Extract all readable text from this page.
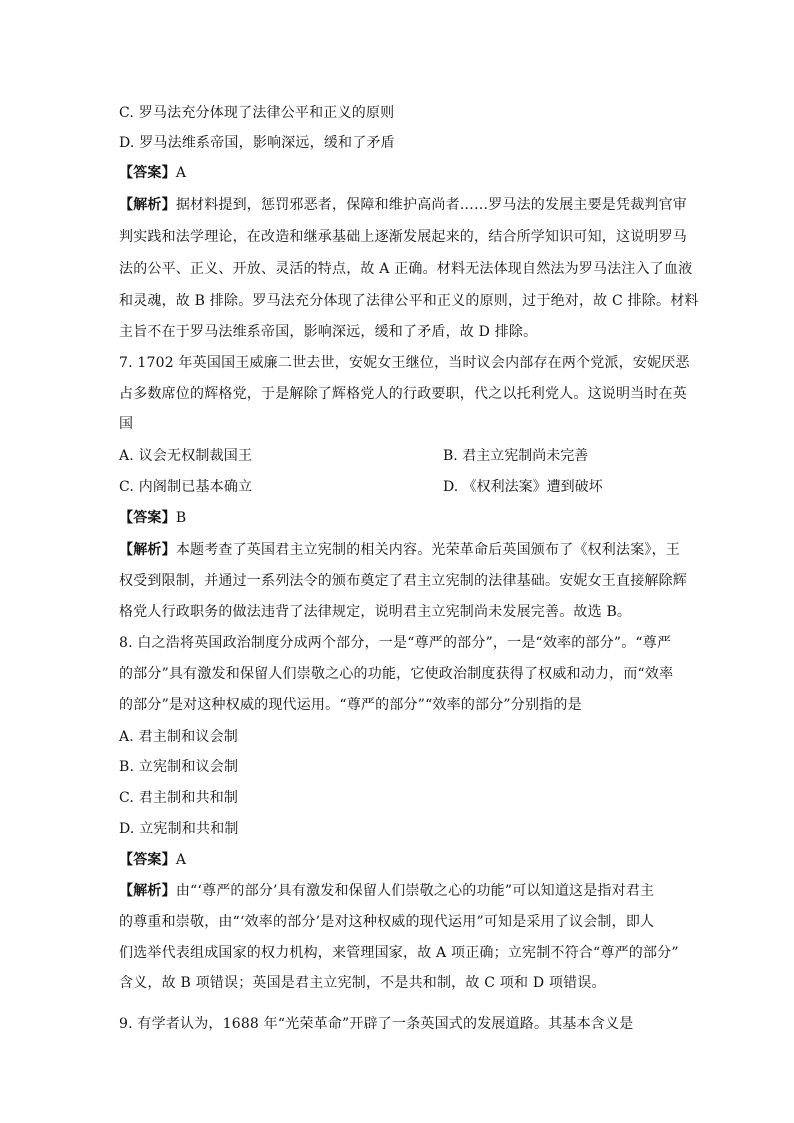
C. 罗马法充分体现了法律公平和正义的原则
D. 罗马法维系帝国，影响深远，缓和了矛盾
【答案】A
【解析】据材料提到，惩罚邪恶者，保障和维护高尚者……罗马法的发展主要是凭裁判官审
判实践和法学理论，在改造和继承基础上逐渐发展起来的，结合所学知识可知，这说明罗马
法的公平、正义、开放、灵活的特点，故 A 正确。材料无法体现自然法为罗马法注入了血液
和灵魂，故 B 排除。罗马法充分体现了法律公平和正义的原则，过于绝对，故 C 排除。材料
主旨不在于罗马法维系帝国，影响深远，缓和了矛盾，故 D 排除。
7. 1702 年英国国王威廉二世去世，安妮女王继位，当时议会内部存在两个党派，安妮厌恶
占多数席位的辉格党，于是解除了辉格党人的行政要职，代之以托利党人。这说明当时在英
国
A. 议会无权制裁国王	B. 君主立宪制尚未完善
C. 内阁制已基本确立	D. 《权利法案》遭到破坏
【答案】B
【解析】本题考查了英国君主立宪制的相关内容。光荣革命后英国颁布了《权利法案》，王
权受到限制，并通过一系列法令的颁布奠定了君主立宪制的法律基础。安妮女王直接解除辉
格党人行政职务的做法违背了法律规定，说明君主立宪制尚未发展完善。故选 B。
8. 白之浩将英国政治制度分成两个部分，一是“尊严的部分”，一是“效率的部分”。“尊严
的部分”具有激发和保留人们崇敬之心的功能，它使政治制度获得了权威和动力，而“效率
的部分”是对这种权威的现代运用。“尊严的部分”“效率的部分”分别指的是
A. 君主制和议会制
B. 立宪制和议会制
C. 君主制和共和制
D. 立宪制和共和制
【答案】A
【解析】由“‘尊严的部分’具有激发和保留人们崇敬之心的功能”可以知道这是指对君主
的尊重和崇敬，由“‘效率的部分’是对这种权威的现代运用”可知是采用了议会制，即人
们选举代表组成国家的权力机构，来管理国家，故 A 项正确；立宪制不符合“尊严的部分”
含义，故 B 项错误；英国是君主立宪制，不是共和制，故 C 项和 D 项错误。
9. 有学者认为，1688 年“光荣革命”开辟了一条英国式的发展道路。其基本含义是
